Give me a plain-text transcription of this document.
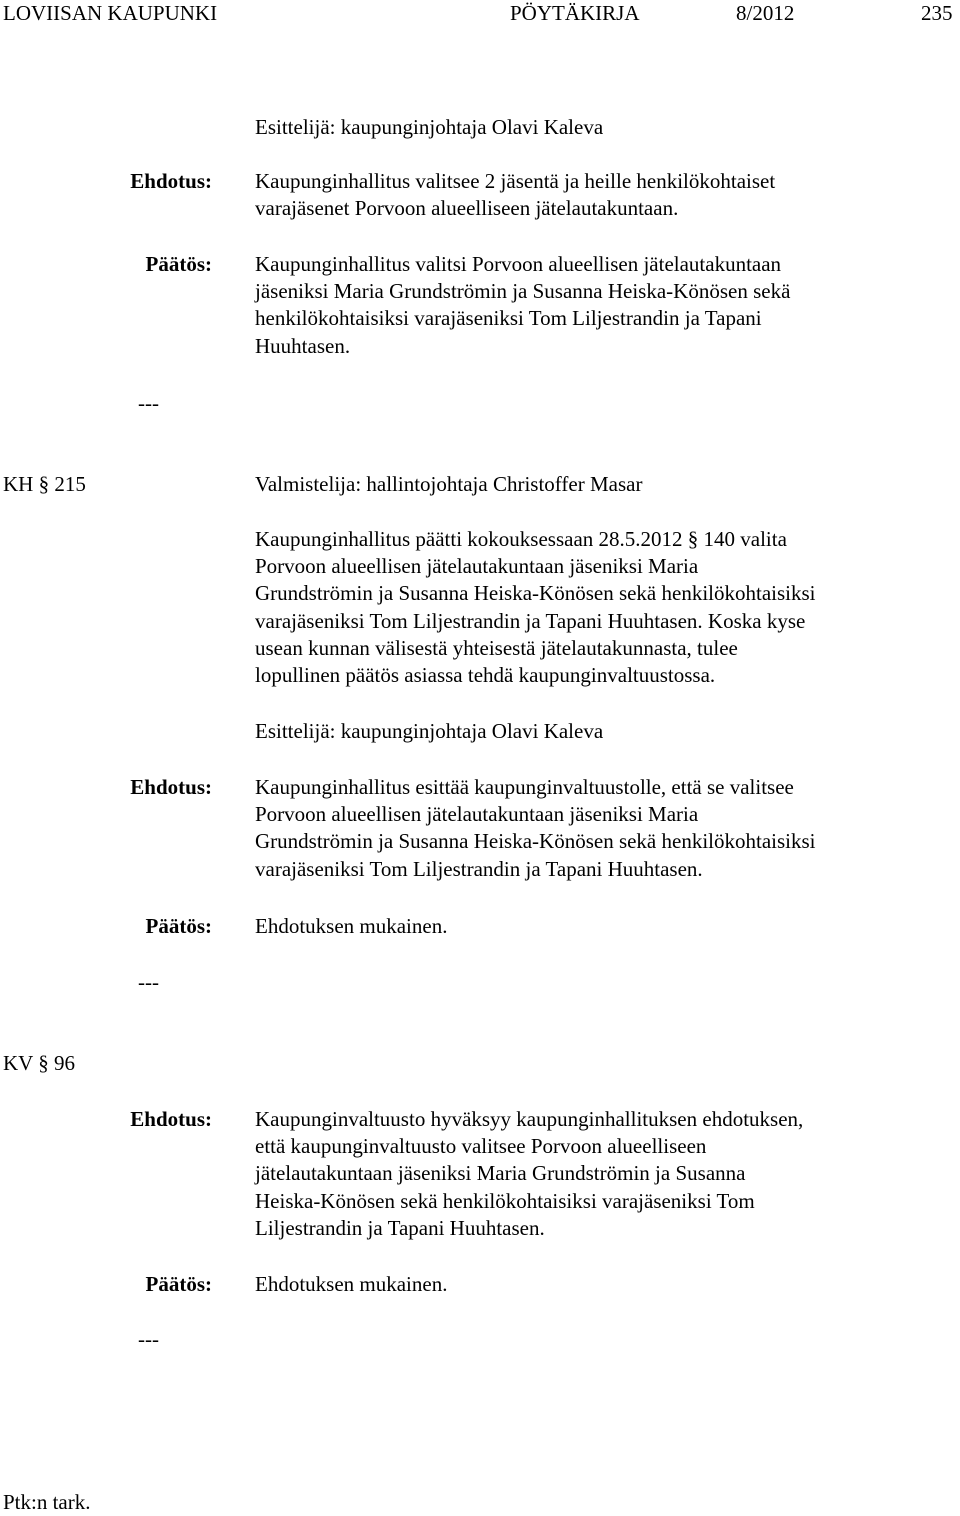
LOVIISAN KAUPUNKI	PÖYTÄKIRJA	8/2012	235
Esittelijä: kaupunginjohtaja Olavi Kaleva
Ehdotus: Kaupunginhallitus valitsee 2 jäsentä ja heille henkilökohtaiset
varajäsenet Porvoon alueelliseen jätelautakuntaan.
Päätös: Kaupunginhallitus valitsi Porvoon alueellisen jätelautakuntaan
jäseniksi Maria Grundströmin ja Susanna Heiska-Könösen sekä
henkilökohtaisiksi varajäseniksi Tom Liljestrandin ja Tapani
Huuhtasen.
---
KH § 215	Valmistelija: hallintojohtaja Christoffer Masar
Kaupunginhallitus päätti kokouksessaan 28.5.2012 § 140 valita
Porvoon alueellisen jätelautakuntaan jäseniksi Maria
Grundströmin ja Susanna Heiska-Könösen sekä henkilökohtaisiksi
varajäseniksi Tom Liljestrandin ja Tapani Huuhtasen. Koska kyse
usean kunnan välisestä yhteisestä jätelautakunnasta, tulee
lopullinen päätös asiassa tehdä kaupunginvaltuustossa.
Esittelijä: kaupunginjohtaja Olavi Kaleva
Ehdotus: Kaupunginhallitus esittää kaupunginvaltuustolle, että se valitsee
Porvoon alueellisen jätelautakuntaan jäseniksi Maria
Grundströmin ja Susanna Heiska-Könösen sekä henkilökohtaisiksi
varajäseniksi Tom Liljestrandin ja Tapani Huuhtasen.
Päätös: Ehdotuksen mukainen.
---
KV § 96
Ehdotus: Kaupunginvaltuusto hyväksyy kaupunginhallituksen ehdotuksen,
että kaupunginvaltuusto valitsee Porvoon alueelliseen
jätelautakuntaan jäseniksi Maria Grundströmin ja Susanna
Heiska-Könösen sekä henkilökohtaisiksi varajäseniksi Tom
Liljestrandin ja Tapani Huuhtasen.
Päätös: Ehdotuksen mukainen.
---
Ptk:n tark.
